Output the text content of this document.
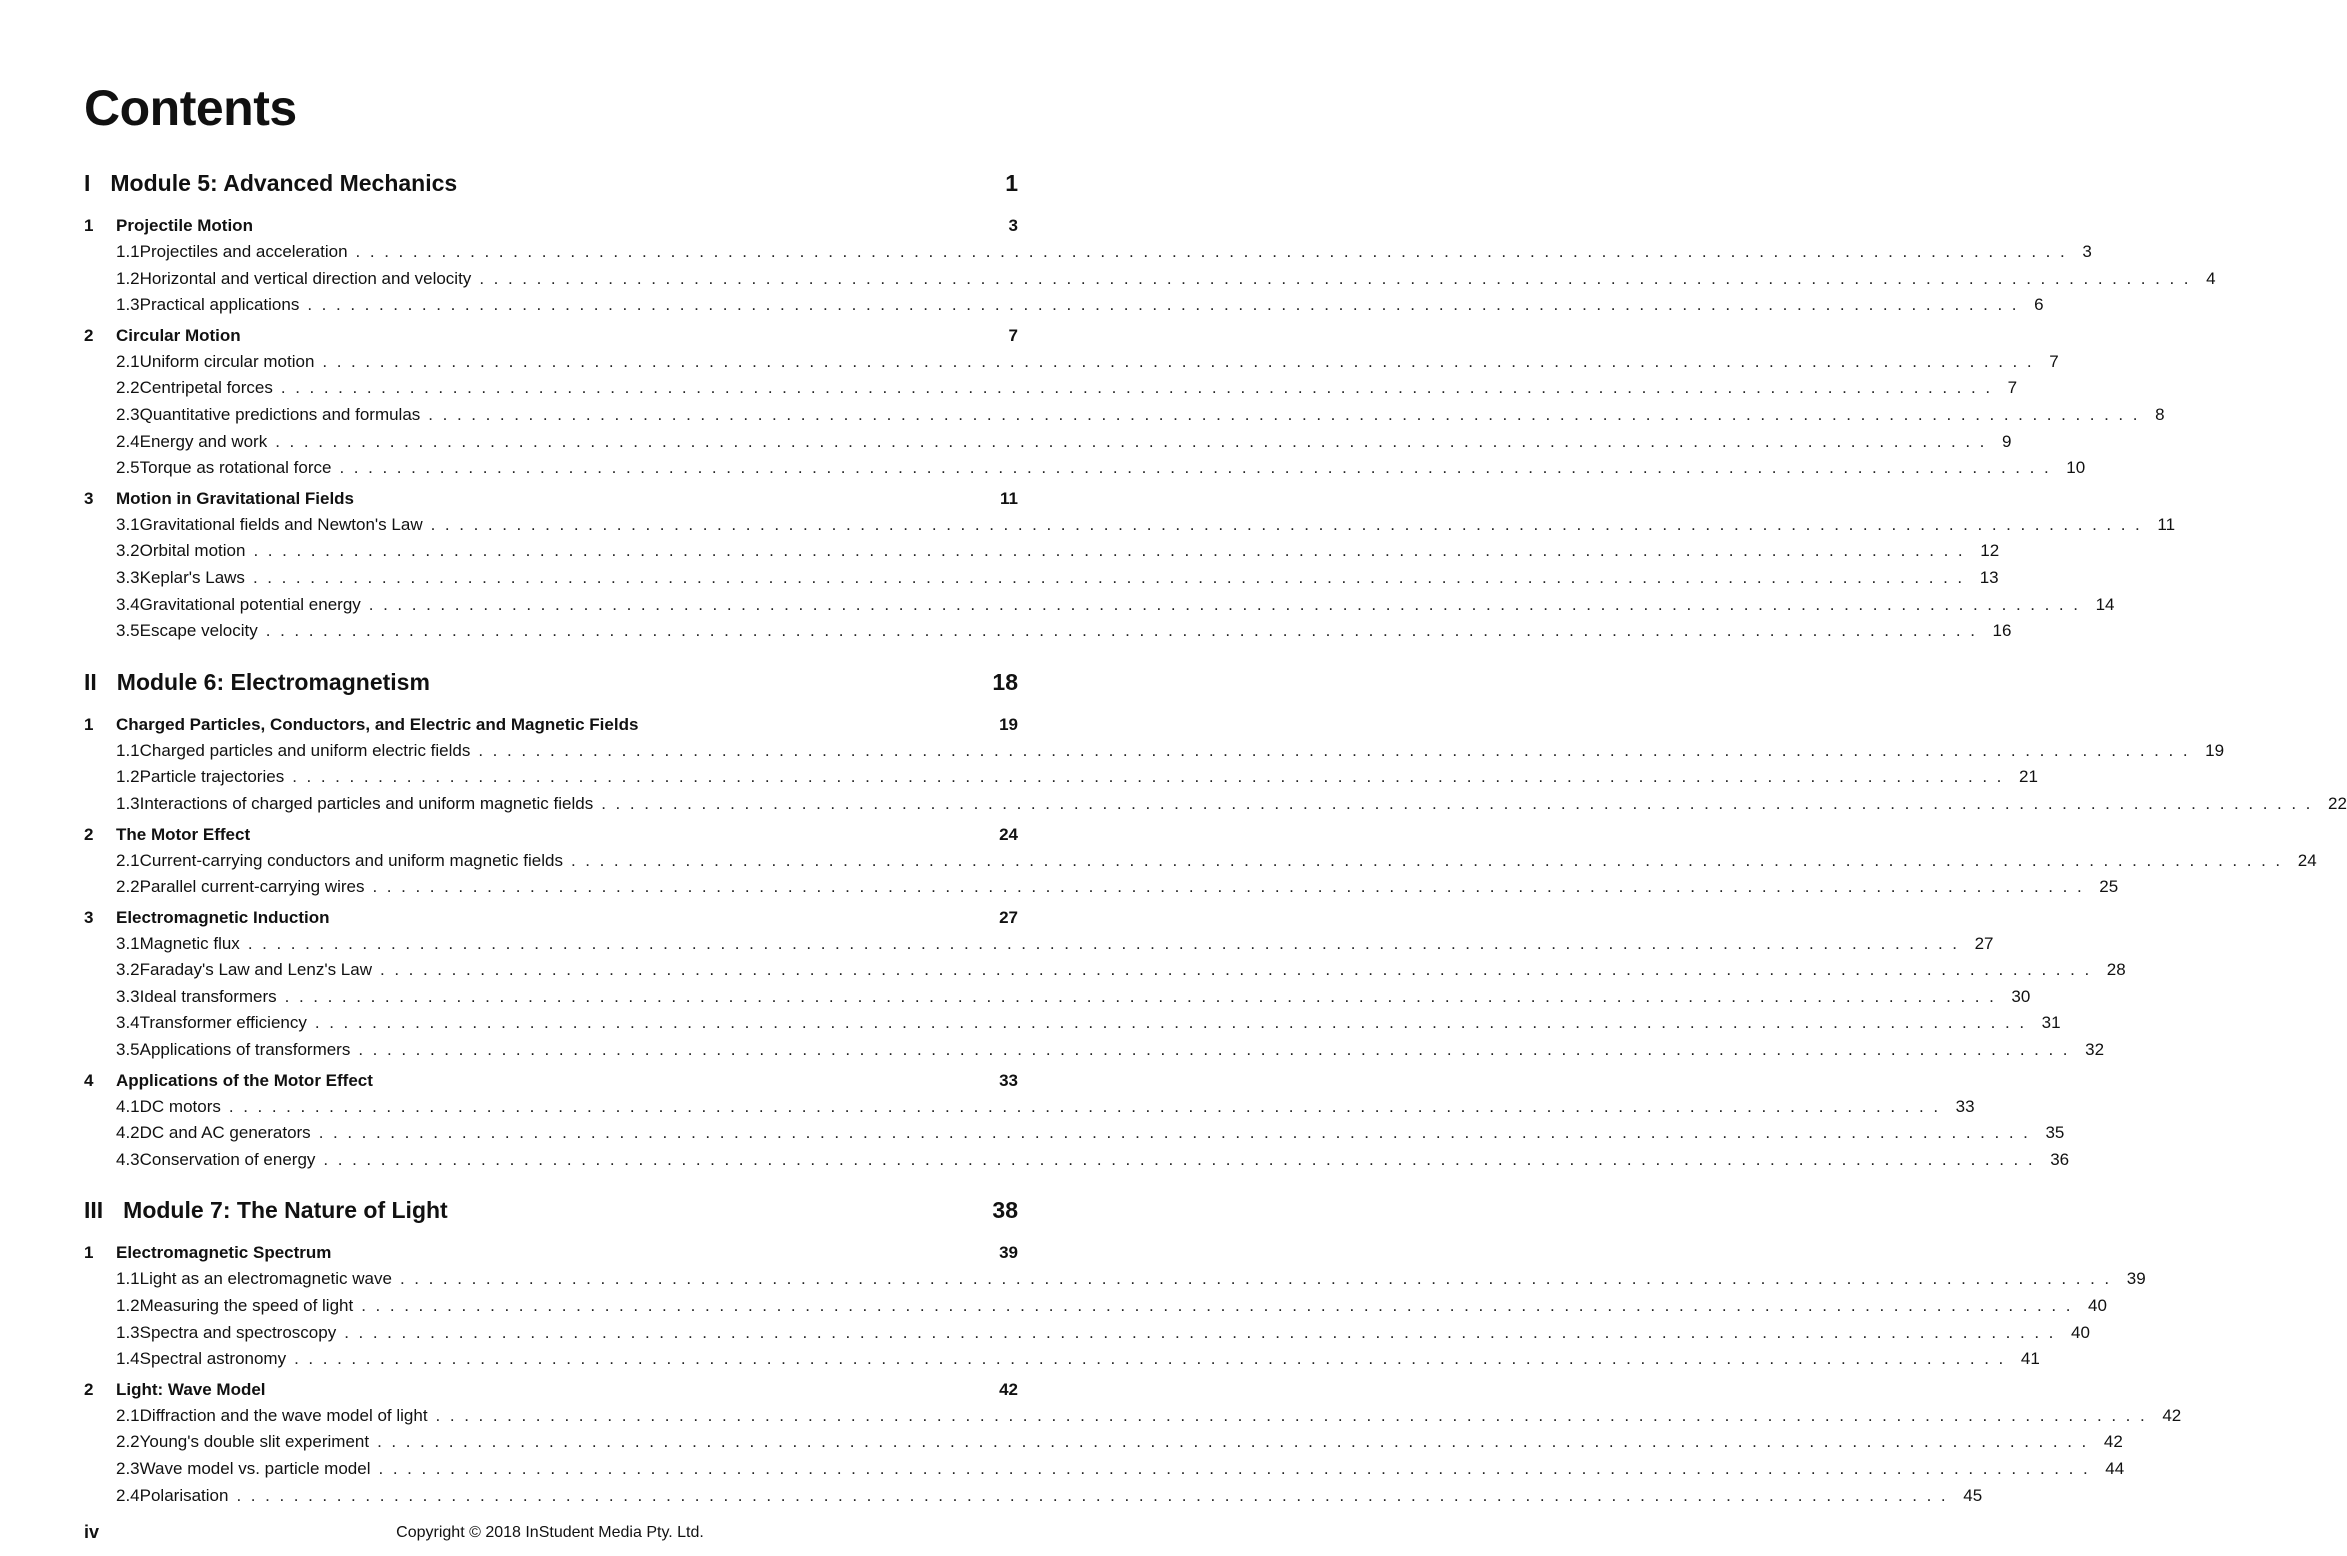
Contents
I Module 5: Advanced Mechanics	1
1	Projectile Motion	3
1.1 Projectiles and acceleration ........................................................................................................................ 3
1.2 Horizontal and vertical direction and velocity ........................................................................................................................ 4
1.3 Practical applications ........................................................................................................................ 6
2	Circular Motion	7
2.1 Uniform circular motion ........................................................................................................................ 7
2.2 Centripetal forces ........................................................................................................................ 7
2.3 Quantitative predictions and formulas ........................................................................................................................ 8
2.4 Energy and work ........................................................................................................................ 9
2.5 Torque as rotational force ........................................................................................................................ 10
3	Motion in Gravitational Fields	11
3.1 Gravitational fields and Newton's Law ........................................................................................................................ 11
3.2 Orbital motion ........................................................................................................................ 12
3.3 Keplar's Laws ........................................................................................................................ 13
3.4 Gravitational potential energy ........................................................................................................................ 14
3.5 Escape velocity ........................................................................................................................ 16
II Module 6: Electromagnetism	18
1	Charged Particles, Conductors, and Electric and Magnetic Fields	19
1.1 Charged particles and uniform electric fields ........................................................................................................................ 19
1.2 Particle trajectories ........................................................................................................................ 21
1.3 Interactions of charged particles and uniform magnetic fields ........................................................................................................................ 22
2	The Motor Effect	24
2.1 Current-carrying conductors and uniform magnetic fields ........................................................................................................................ 24
2.2 Parallel current-carrying wires ........................................................................................................................ 25
3	Electromagnetic Induction	27
3.1 Magnetic flux ........................................................................................................................ 27
3.2 Faraday's Law and Lenz's Law ........................................................................................................................ 28
3.3 Ideal transformers ........................................................................................................................ 30
3.4 Transformer efficiency ........................................................................................................................ 31
3.5 Applications of transformers ........................................................................................................................ 32
4	Applications of the Motor Effect	33
4.1 DC motors ........................................................................................................................ 33
4.2 DC and AC generators ........................................................................................................................ 35
4.3 Conservation of energy ........................................................................................................................ 36
III Module 7: The Nature of Light	38
1	Electromagnetic Spectrum	39
1.1 Light as an electromagnetic wave ........................................................................................................................ 39
1.2 Measuring the speed of light ........................................................................................................................ 40
1.3 Spectra and spectroscopy ........................................................................................................................ 40
1.4 Spectral astronomy ........................................................................................................................ 41
2	Light: Wave Model	42
2.1 Diffraction and the wave model of light ........................................................................................................................ 42
2.2 Young's double slit experiment ........................................................................................................................ 42
2.3 Wave model vs. particle model ........................................................................................................................ 44
2.4 Polarisation ........................................................................................................................ 45
iv	Copyright © 2018 InStudent Media Pty. Ltd.
